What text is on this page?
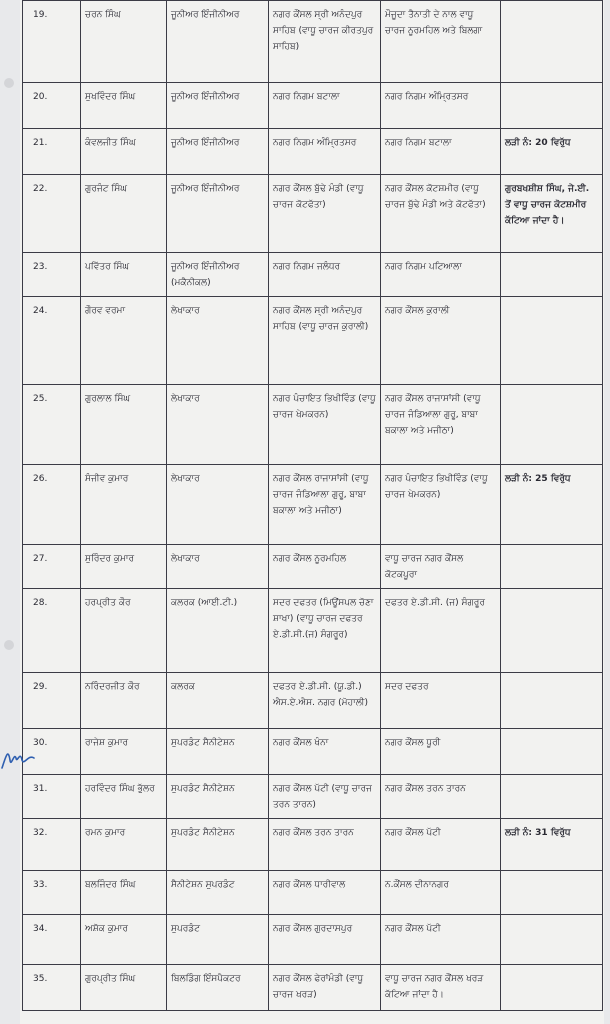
19.	ਚਰਨ ਸਿੰਘ	ਜੂਨੀਅਰ ਇੰਜੀਨੀਅਰ	ਨਗਰ ਕੌਂਸਲ ਸ੍ਰੀ ਅਨੰਦਪੁਰ ਸਾਹਿਬ (ਵਾਧੂ ਚਾਰਜ ਕੀਰਤਪੁਰ ਸਾਹਿਬ)	ਮੌਜੂਦਾ ਤੈਨਾਤੀ ਦੇ ਨਾਲ ਵਾਧੂ ਚਾਰਜ ਨੂਰਮਹਿਲ ਅਤੇ ਬਿਲਗਾ	
20.	ਸੁਖਵਿੰਦਰ ਸਿੰਘ	ਜੂਨੀਅਰ ਇੰਜੀਨੀਅਰ	ਨਗਰ ਨਿਗਮ ਬਟਾਲਾ	ਨਗਰ ਨਿਗਮ ਅੰਮ੍ਰਿਤਸਰ	
21.	ਕੰਵਲਜੀਤ ਸਿੰਘ	ਜੂਨੀਅਰ ਇੰਜੀਨੀਅਰ	ਨਗਰ ਨਿਗਮ ਅੰਮ੍ਰਿਤਸਰ	ਨਗਰ ਨਿਗਮ ਬਟਾਲਾ	ਲੜੀ ਨੰ: 20 ਵਿਰੁੱਧ
22.	ਗੁਰਜੰਟ ਸਿੰਘ	ਜੂਨੀਅਰ ਇੰਜੀਨੀਅਰ	ਨਗਰ ਕੌਂਸਲ ਬੁੱਢੇ ਮੰਡੀ (ਵਾਧੂ ਚਾਰਜ ਕੋਟਫੱਤਾ)	ਨਗਰ ਕੌਂਸਲ ਕੋਟਸ਼ਮੀਰ (ਵਾਧੂ ਚਾਰਜ ਬੁੱਢੇ ਮੰਡੀ ਅਤੇ ਕੋਟਫੱਤਾ)	ਗੁਰਬਖਸ਼ੀਸ਼ ਸਿੰਘ, ਜੇ.ਈ. ਤੋਂ ਵਾਧੂ ਚਾਰਜ ਕੋਟਸ਼ਮੀਰ ਕੱਟਿਆ ਜਾਂਦਾ ਹੈ।
23.	ਪਵਿੱਤਰ ਸਿੰਘ	ਜੂਨੀਅਰ ਇੰਜੀਨੀਅਰ (ਮਕੈਨੀਕਲ)	ਨਗਰ ਨਿਗਮ ਜਲੰਧਰ	ਨਗਰ ਨਿਗਮ ਪਟਿਆਲਾ	
24.	ਗੌਰਵ ਵਰਮਾ	ਲੇਖਾਕਾਰ	ਨਗਰ ਕੌਂਸਲ ਸ੍ਰੀ ਅਨੰਦਪੁਰ ਸਾਹਿਬ (ਵਾਧੂ ਚਾਰਜ ਕੁਰਾਲੀ)	ਨਗਰ ਕੌਂਸਲ ਕੁਰਾਲੀ	
25.	ਗੁਰਲਾਲ ਸਿੰਘ	ਲੇਖਾਕਾਰ	ਨਗਰ ਪੰਚਾਇਤ ਭਿਖੀਵਿੰਡ (ਵਾਧੂ ਚਾਰਜ ਖੇਮਕਰਨ)	ਨਗਰ ਕੌਂਸਲ ਰਾਜਾਸਾਂਸੀ (ਵਾਧੂ ਚਾਰਜ ਜੰਡਿਆਲਾ ਗੁਰੂ, ਬਾਬਾ ਬਕਾਲਾ ਅਤੇ ਮਜੀਠਾ)	
26.	ਸੰਜੀਵ ਕੁਮਾਰ	ਲੇਖਾਕਾਰ	ਨਗਰ ਕੌਂਸਲ ਰਾਜਾਸਾਂਸੀ (ਵਾਧੂ ਚਾਰਜ ਜੰਡਿਆਲਾ ਗੁਰੂ, ਬਾਬਾ ਬਕਾਲਾ ਅਤੇ ਮਜੀਠਾ)	ਨਗਰ ਪੰਚਾਇਤ ਭਿਖੀਵਿੰਡ (ਵਾਧੂ ਚਾਰਜ ਖੇਮਕਰਨ)	ਲੜੀ ਨੰ: 25 ਵਿਰੁੱਧ
27.	ਸੁਰਿੰਦਰ ਕੁਮਾਰ	ਲੇਖਾਕਾਰ	ਨਗਰ ਕੌਂਸਲ ਨੂਰਮਹਿਲ	ਵਾਧੂ ਚਾਰਜ ਨਗਰ ਕੌਂਸਲ ਕੋਟਕਪੂਰਾ	
28.	ਹਰਪ੍ਰੀਤ ਕੌਰ	ਕਲਰਕ (ਆਈ.ਟੀ.)	ਸਦਰ ਦਫਤਰ (ਮਿਊਂਸਪਲ ਚੋਣਾ ਸ਼ਾਖਾ) (ਵਾਧੂ ਚਾਰਜ ਦਫਤਰ ਏ.ਡੀ.ਸੀ.(ਜ) ਸੰਗਰੂਰ)	ਦਫਤਰ ਏ.ਡੀ.ਸੀ. (ਜ) ਸੰਗਰੂਰ	
29.	ਨਰਿੰਦਰਜੀਤ ਕੌਰ	ਕਲਰਕ	ਦਫਤਰ ਏ.ਡੀ.ਸੀ. (ਯੂ.ਡੀ.) ਐਸ.ਏ.ਐਸ. ਨਗਰ (ਮੋਹਾਲੀ)	ਸਦਰ ਦਫਤਰ	
30.	ਰਾਜੇਸ਼ ਕੁਮਾਰ	ਸੁਪਰਡੰਟ ਸੈਨੀਟੇਸ਼ਨ	ਨਗਰ ਕੌਂਸਲ ਖੰਨਾ	ਨਗਰ ਕੌਂਸਲ ਧੂਰੀ	
31.	ਹਰਵਿੰਦਰ ਸਿੰਘ ਭੁੱਲਰ	ਸੁਪਰਡੰਟ ਸੈਨੀਟੇਸ਼ਨ	ਨਗਰ ਕੌਂਸਲ ਪੱਟੀ (ਵਾਧੂ ਚਾਰਜ ਤਰਨ ਤਾਰਨ)	ਨਗਰ ਕੌਂਸਲ ਤਰਨ ਤਾਰਨ	
32.	ਰਮਨ ਕੁਮਾਰ	ਸੁਪਰਡੰਟ ਸੈਨੀਟੇਸ਼ਨ	ਨਗਰ ਕੌਂਸਲ ਤਰਨ ਤਾਰਨ	ਨਗਰ ਕੌਂਸਲ ਪੱਟੀ	ਲੜੀ ਨੰ: 31 ਵਿਰੁੱਧ
33.	ਬਲਜਿੰਦਰ ਸਿੰਘ	ਸੈਨੀਟੇਸ਼ਨ ਸੁਪਰਡੰਟ	ਨਗਰ ਕੌਂਸਲ ਧਾਰੀਵਾਲ	ਨ.ਕੌਂਸਲ ਦੀਨਾਨਗਰ	
34.	ਅਸ਼ੋਕ ਕੁਮਾਰ	ਸੁਪਰਡੰਟ	ਨਗਰ ਕੌਂਸਲ ਗੁਰਦਾਸਪੁਰ	ਨਗਰ ਕੌਂਸਲ ਪੱਟੀ	
35.	ਗੁਰਪ੍ਰੀਤ ਸਿੰਘ	ਬਿਲਡਿੰਗ ਇੰਸਪੈਕਟਰ	ਨਗਰ ਕੌਂਸਲ ਫੇਰਾਂਮੰਡੀ (ਵਾਧੂ ਚਾਰਜ ਖਰੜ)	ਵਾਧੂ ਚਾਰਜ ਨਗਰ ਕੌਂਸਲ ਖਰੜ ਕੱਟਿਆ ਜਾਂਦਾ ਹੈ।	
